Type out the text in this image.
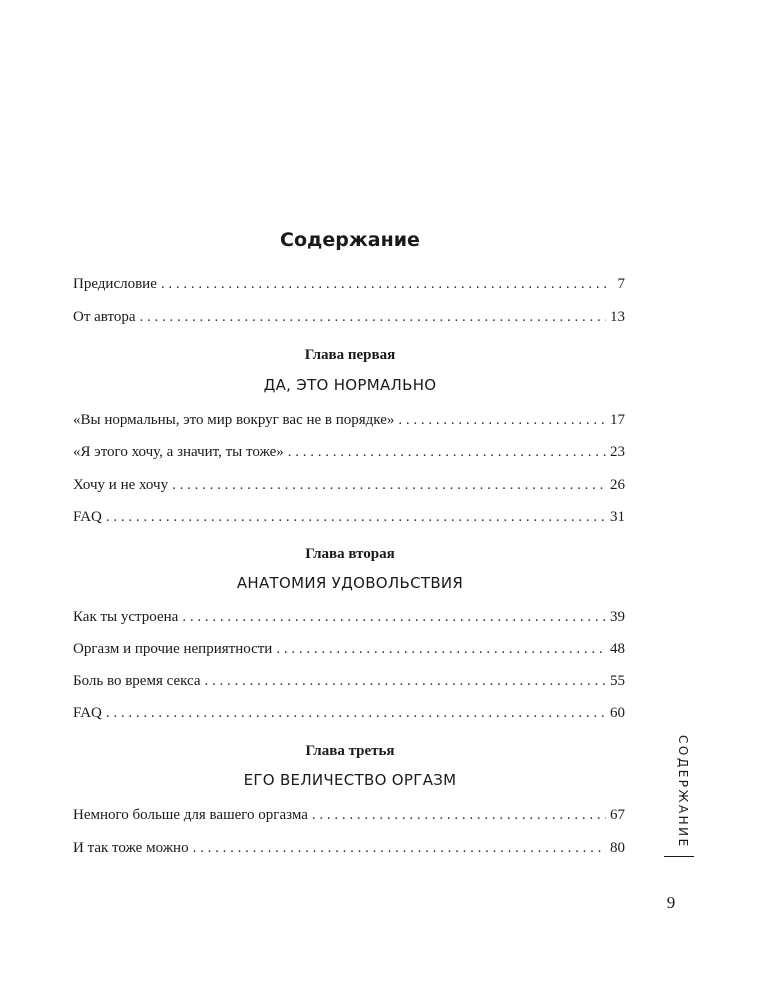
Содержание
Предисловие . . .	7
От автора . . .	13
Глава первая
ДА, ЭТО НОРМАЛЬНО
«Вы нормальны, это мир вокруг вас не в порядке» . . .	17
«Я этого хочу, а значит, ты тоже» . . .	23
Хочу и не хочу . . .	26
FAQ . . .	31
Глава вторая
АНАТОМИЯ УДОВОЛЬСТВИЯ
Как ты устроена . . .	39
Оргазм и прочие неприятности . . .	48
Боль во время секса . . .	55
FAQ . . .	60
Глава третья
ЕГО ВЕЛИЧЕСТВО ОРГАЗМ
Немного больше для вашего оргазма . . .	67
И так тоже можно . . .	80	СОДЕРЖАНИЕ
9
